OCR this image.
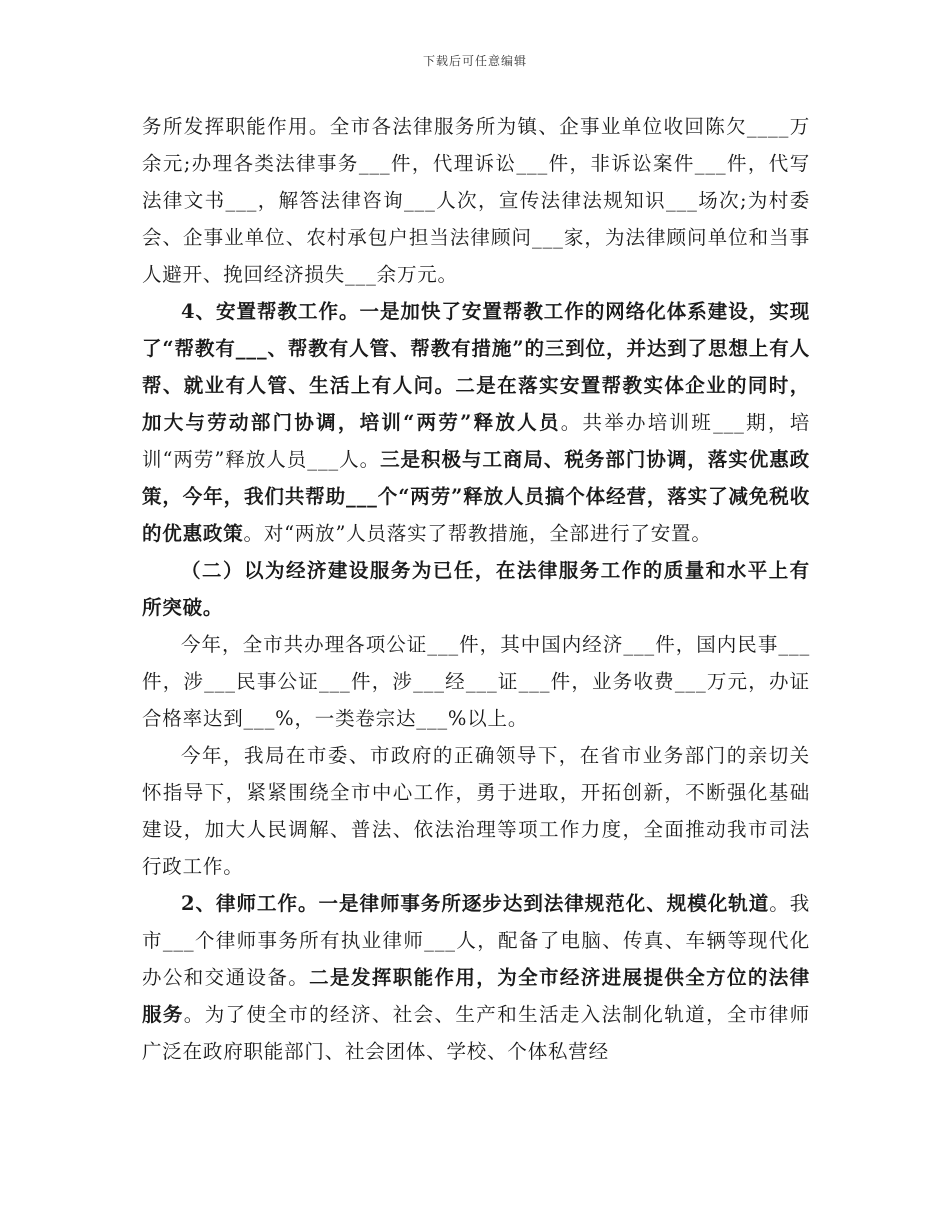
下载后可任意编辑

务所发挥职能作用。全市各法律服务所为镇、企事业单位收回陈欠____万余元;办理各类法律事务___件，代理诉讼___件，非诉讼案件___件，代写法律文书___，解答法律咨询___人次，宣传法律法规知识___场次;为村委会、企事业单位、农村承包户担当法律顾问___家，为法律顾问单位和当事人避开、挽回经济损失___余万元。

4、安置帮教工作。一是加快了安置帮教工作的网络化体系建设，实现了“帮教有___、帮教有人管、帮教有措施”的三到位，并达到了思想上有人帮、就业有人管、生活上有人问。二是在落实安置帮教实体企业的同时，加大与劳动部门协调，培训“两劳”释放人员。共举办培训班___期，培训“两劳”释放人员___人。三是积极与工商局、税务部门协调，落实优惠政策，今年，我们共帮助___个“两劳”释放人员搞个体经营，落实了减免税收的优惠政策。对“两放”人员落实了帮教措施，全部进行了安置。

（二）以为经济建设服务为已任，在法律服务工作的质量和水平上有所突破。

今年，全市共办理各项公证___件，其中国内经济___件，国内民事___件，涉___民事公证___件，涉___经___证___件，业务收费___万元，办证合格率达到___%，一类卷宗达___%以上。

今年，我局在市委、市政府的正确领导下，在省市业务部门的亲切关怀指导下，紧紧围绕全市中心工作，勇于进取，开拓创新，不断强化基础建设，加大人民调解、普法、依法治理等项工作力度，全面推动我市司法行政工作。

2、律师工作。一是律师事务所逐步达到法律规范化、规模化轨道。我市___个律师事务所有执业律师___人，配备了电脑、传真、车辆等现代化办公和交通设备。二是发挥职能作用，为全市经济进展提供全方位的法律服务。为了使全市的经济、社会、生产和生活走入法制化轨道，全市律师广泛在政府职能部门、社会团体、学校、个体私营经
